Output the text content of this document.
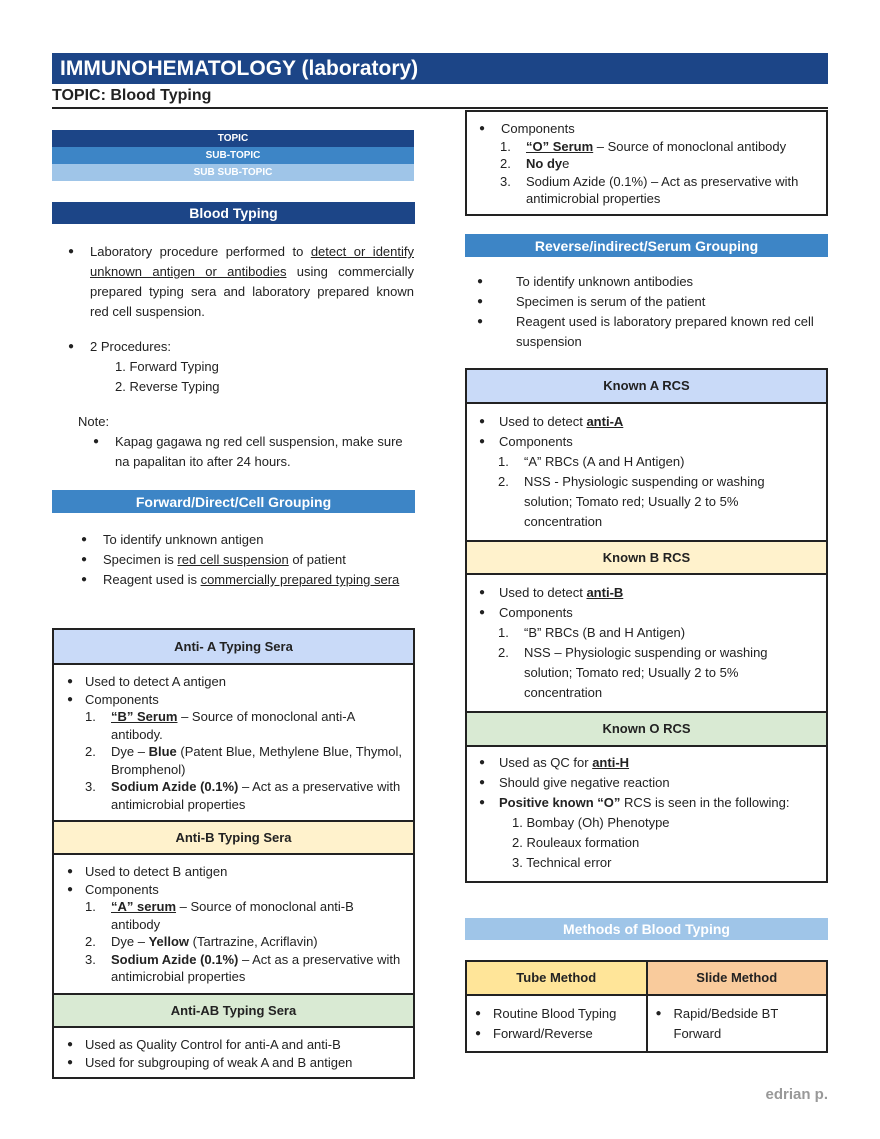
IMMUNOHEMATOLOGY (laboratory)
TOPIC: Blood Typing
TOPIC
SUB-TOPIC
SUB SUB-TOPIC
Blood Typing
● Laboratory procedure performed to detect or identify unknown antigen or antibodies using commercially prepared typing sera and laboratory prepared known red cell suspension.
● 2 Procedures:
1. Forward Typing
2. Reverse Typing
Note:
● Kapag gagawa ng red cell suspension, make sure na papalitan ito after 24 hours.
Forward/Direct/Cell Grouping
● To identify unknown antigen
● Specimen is red cell suspension of patient
● Reagent used is commercially prepared typing sera
Anti- A Typing Sera
● Used to detect A antigen
● Components
1. “B” Serum – Source of monoclonal anti-A antibody.
2. Dye – Blue (Patent Blue, Methylene Blue, Thymol, Bromphenol)
3. Sodium Azide (0.1%) – Act as a preservative with antimicrobial properties
Anti-B Typing Sera
● Used to detect B antigen
● Components
1. “A” serum – Source of monoclonal anti-B antibody
2. Dye – Yellow (Tartrazine, Acriflavin)
3. Sodium Azide (0.1%) – Act as a preservative with antimicrobial properties
Anti-AB Typing Sera
● Used as Quality Control for anti-A and anti-B
● Used for subgrouping of weak A and B antigen
● Components
1. “O” Serum – Source of monoclonal antibody
2. No dye
3. Sodium Azide (0.1%) – Act as preservative with antimicrobial properties
Reverse/indirect/Serum Grouping
● To identify unknown antibodies
● Specimen is serum of the patient
● Reagent used is laboratory prepared known red cell suspension
Known A RCS
● Used to detect anti-A
● Components
1. “A” RBCs (A and H Antigen)
2. NSS - Physiologic suspending or washing solution; Tomato red; Usually 2 to 5% concentration
Known B RCS
● Used to detect anti-B
● Components
1. “B” RBCs (B and H Antigen)
2. NSS – Physiologic suspending or washing solution; Tomato red; Usually 2 to 5% concentration
Known O RCS
● Used as QC for anti-H
● Should give negative reaction
● Positive known “O” RCS is seen in the following:
1. Bombay (Oh) Phenotype
2. Rouleaux formation
3. Technical error
Methods of Blood Typing
Tube Method
● Routine Blood Typing
● Forward/Reverse
Slide Method
● Rapid/Bedside BT Forward
edrian p.
